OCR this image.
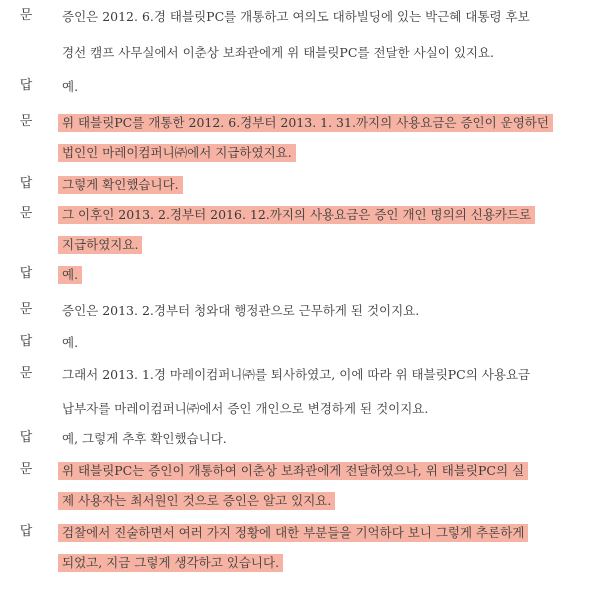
문	증인은 2012. 6.경 태블릿PC를 개통하고 여의도 대하빌딩에 있는 박근혜 대통령 후보
경선 캠프 사무실에서 이춘상 보좌관에게 위 태블릿PC를 전달한 사실이 있지요.
답	예.
문	위 태블릿PC를 개통한 2012. 6.경부터 2013. 1. 31.까지의 사용요금은 증인이 운영하던
법인인 마레이컴퍼니㈜에서 지급하였지요.
답	그렇게 확인했습니다.
문	그 이후인 2013. 2.경부터 2016. 12.까지의 사용요금은 증인 개인 명의의 신용카드로
지급하였지요.
답	예.
문	증인은 2013. 2.경부터 청와대 행정관으로 근무하게 된 것이지요.
답	예.
문	그래서 2013. 1.경 마레이컴퍼니㈜를 퇴사하였고, 이에 따라 위 태블릿PC의 사용요금
납부자를 마레이컴퍼니㈜에서 증인 개인으로 변경하게 된 것이지요.
답	예, 그렇게 추후 확인했습니다.
문	위 태블릿PC는 증인이 개통하여 이춘상 보좌관에게 전달하였으나, 위 태블릿PC의 실
제 사용자는 최서원인 것으로 증인은 알고 있지요.
답	검찰에서 진술하면서 여러 가지 정황에 대한 부분들을 기억하다 보니 그렇게 추론하게
되었고, 지금 그렇게 생각하고 있습니다.
